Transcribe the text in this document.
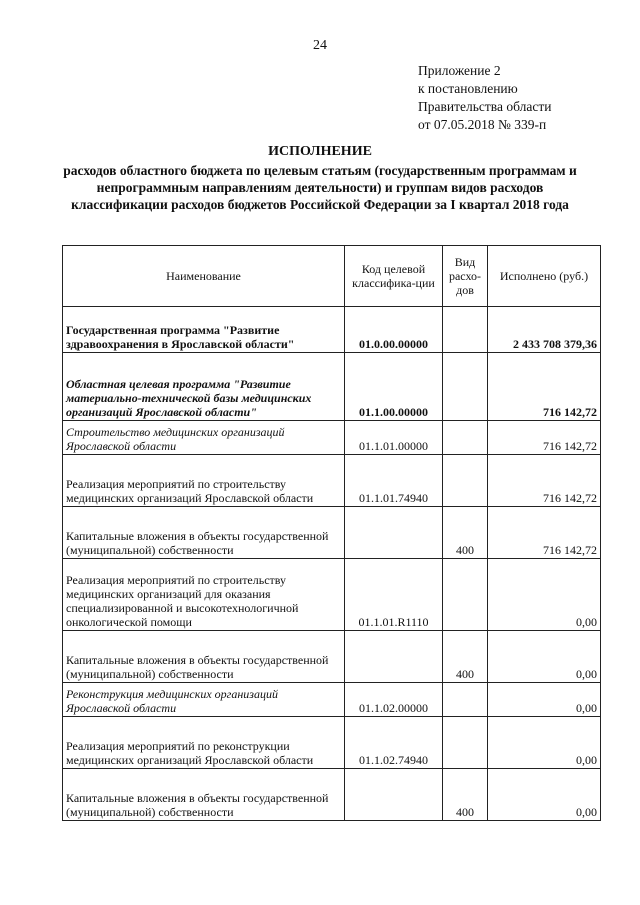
24
Приложение 2
к постановлению
Правительства области
от 07.05.2018 № 339-п
ИСПОЛНЕНИЕ
расходов областного бюджета по целевым статьям (государственным программам и непрограммным направлениям деятельности) и группам видов расходов классификации расходов бюджетов Российской Федерации за I квартал 2018 года
Наименование	Код целевой классифика-ции	Вид расхо-дов	Исполнено (руб.)
Государственная программа "Развитие здравоохранения в Ярославской области"	01.0.00.00000		2 433 708 379,36
Областная целевая программа "Развитие материально-технической базы медицинских организаций Ярославской области"	01.1.00.00000		716 142,72
Строительство медицинских организаций Ярославской области	01.1.01.00000		716 142,72
Реализация мероприятий по строительству медицинских организаций Ярославской области	01.1.01.74940		716 142,72
Капитальные вложения в объекты государственной (муниципальной) собственности		400	716 142,72
Реализация мероприятий по строительству медицинских организаций для оказания специализированной и высокотехнологичной онкологической помощи	01.1.01.R1110		0,00
Капитальные вложения в объекты государственной (муниципальной) собственности		400	0,00
Реконструкция медицинских организаций Ярославской области	01.1.02.00000		0,00
Реализация мероприятий по реконструкции медицинских организаций Ярославской области	01.1.02.74940		0,00
Капитальные вложения в объекты государственной (муниципальной) собственности		400	0,00
